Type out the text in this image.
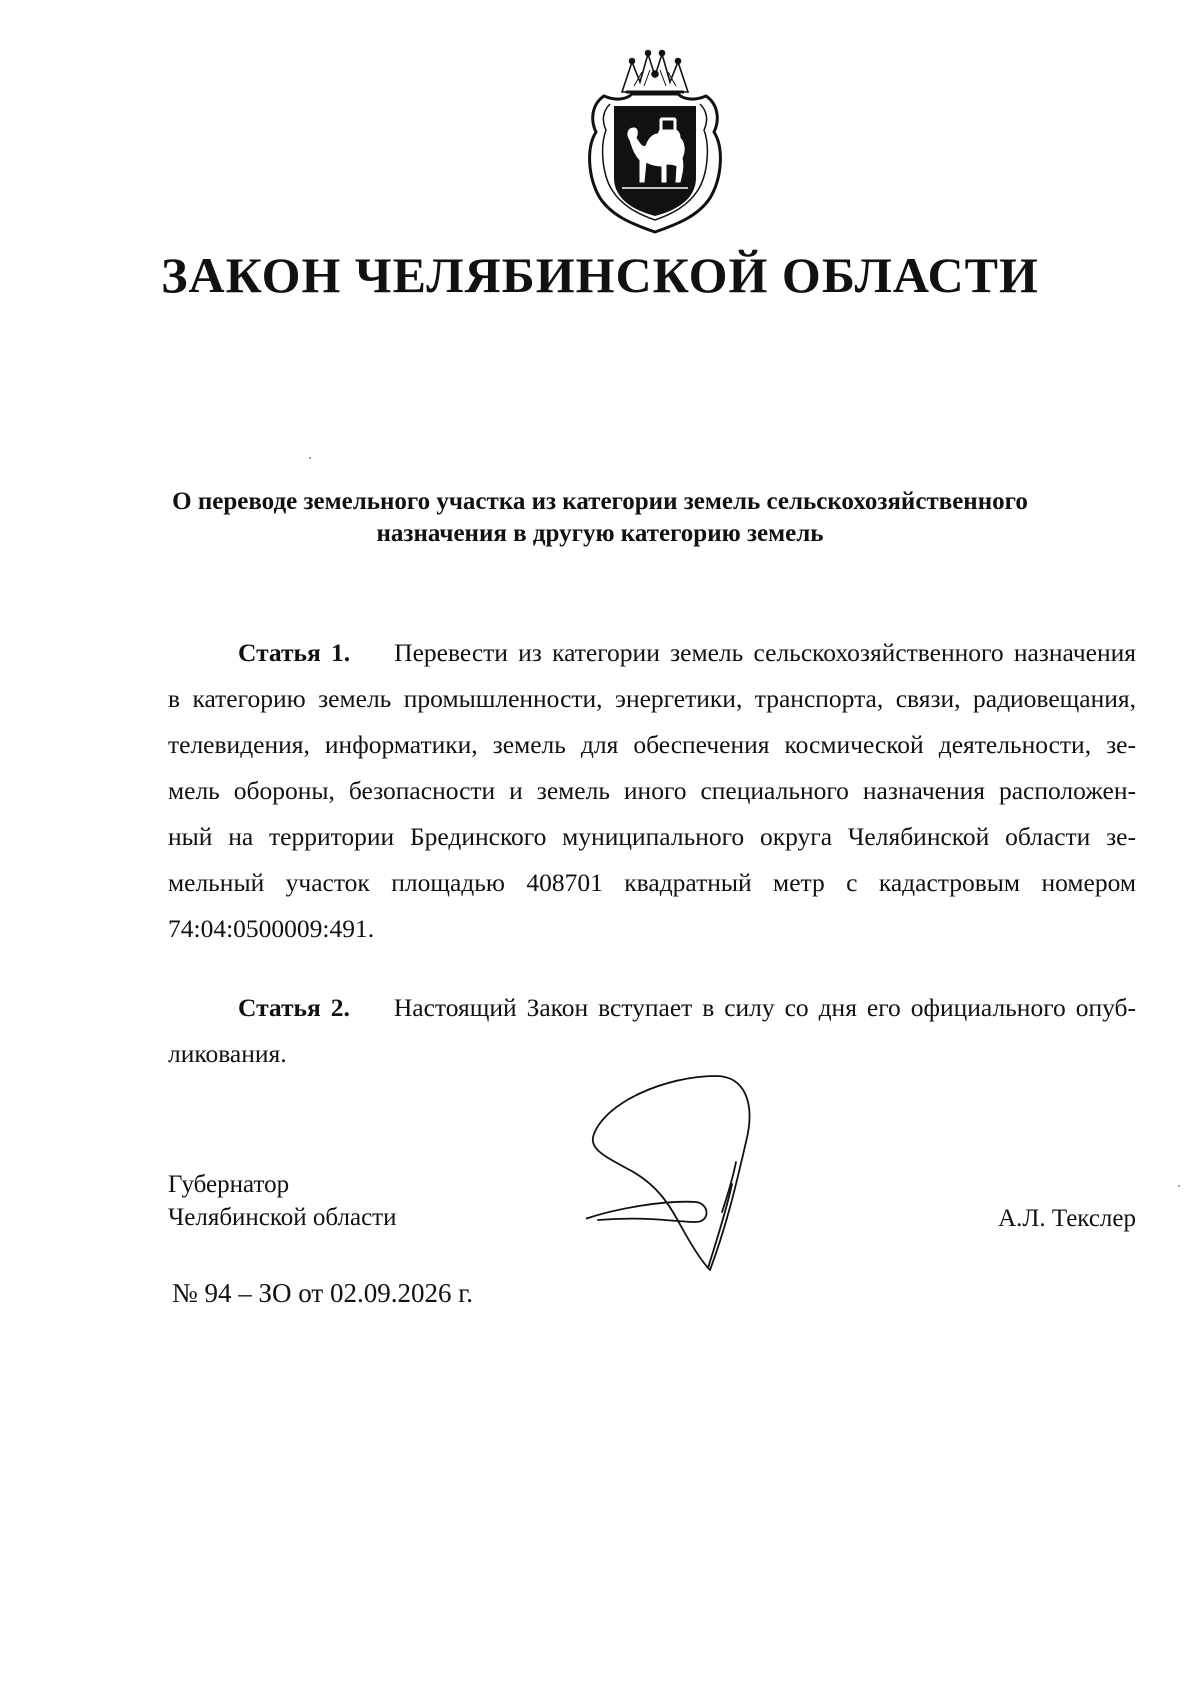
ЗАКОН ЧЕЛЯБИНСКОЙ ОБЛАСТИ
О переводе земельного участка из категории земель сельскохозяйственного
назначения в другую категорию земель
Статья 1. Перевести из категории земель сельскохозяйственного назначения
в категорию земель промышленности, энергетики, транспорта, связи, радиовещания,
телевидения, информатики, земель для обеспечения космической деятельности, зе-
мель обороны, безопасности и земель иного специального назначения расположен-
ный на территории Брединского муниципального округа Челябинской области зе-
мельный участок площадью 408701 квадратный метр с кадастровым номером
74:04:0500009:491.
Статья 2. Настоящий Закон вступает в силу со дня его официального опуб-
ликования.
Губернатор
Челябинской области	А.Л. Текслер
№ 94 – ЗО от 02.09.2026 г.
